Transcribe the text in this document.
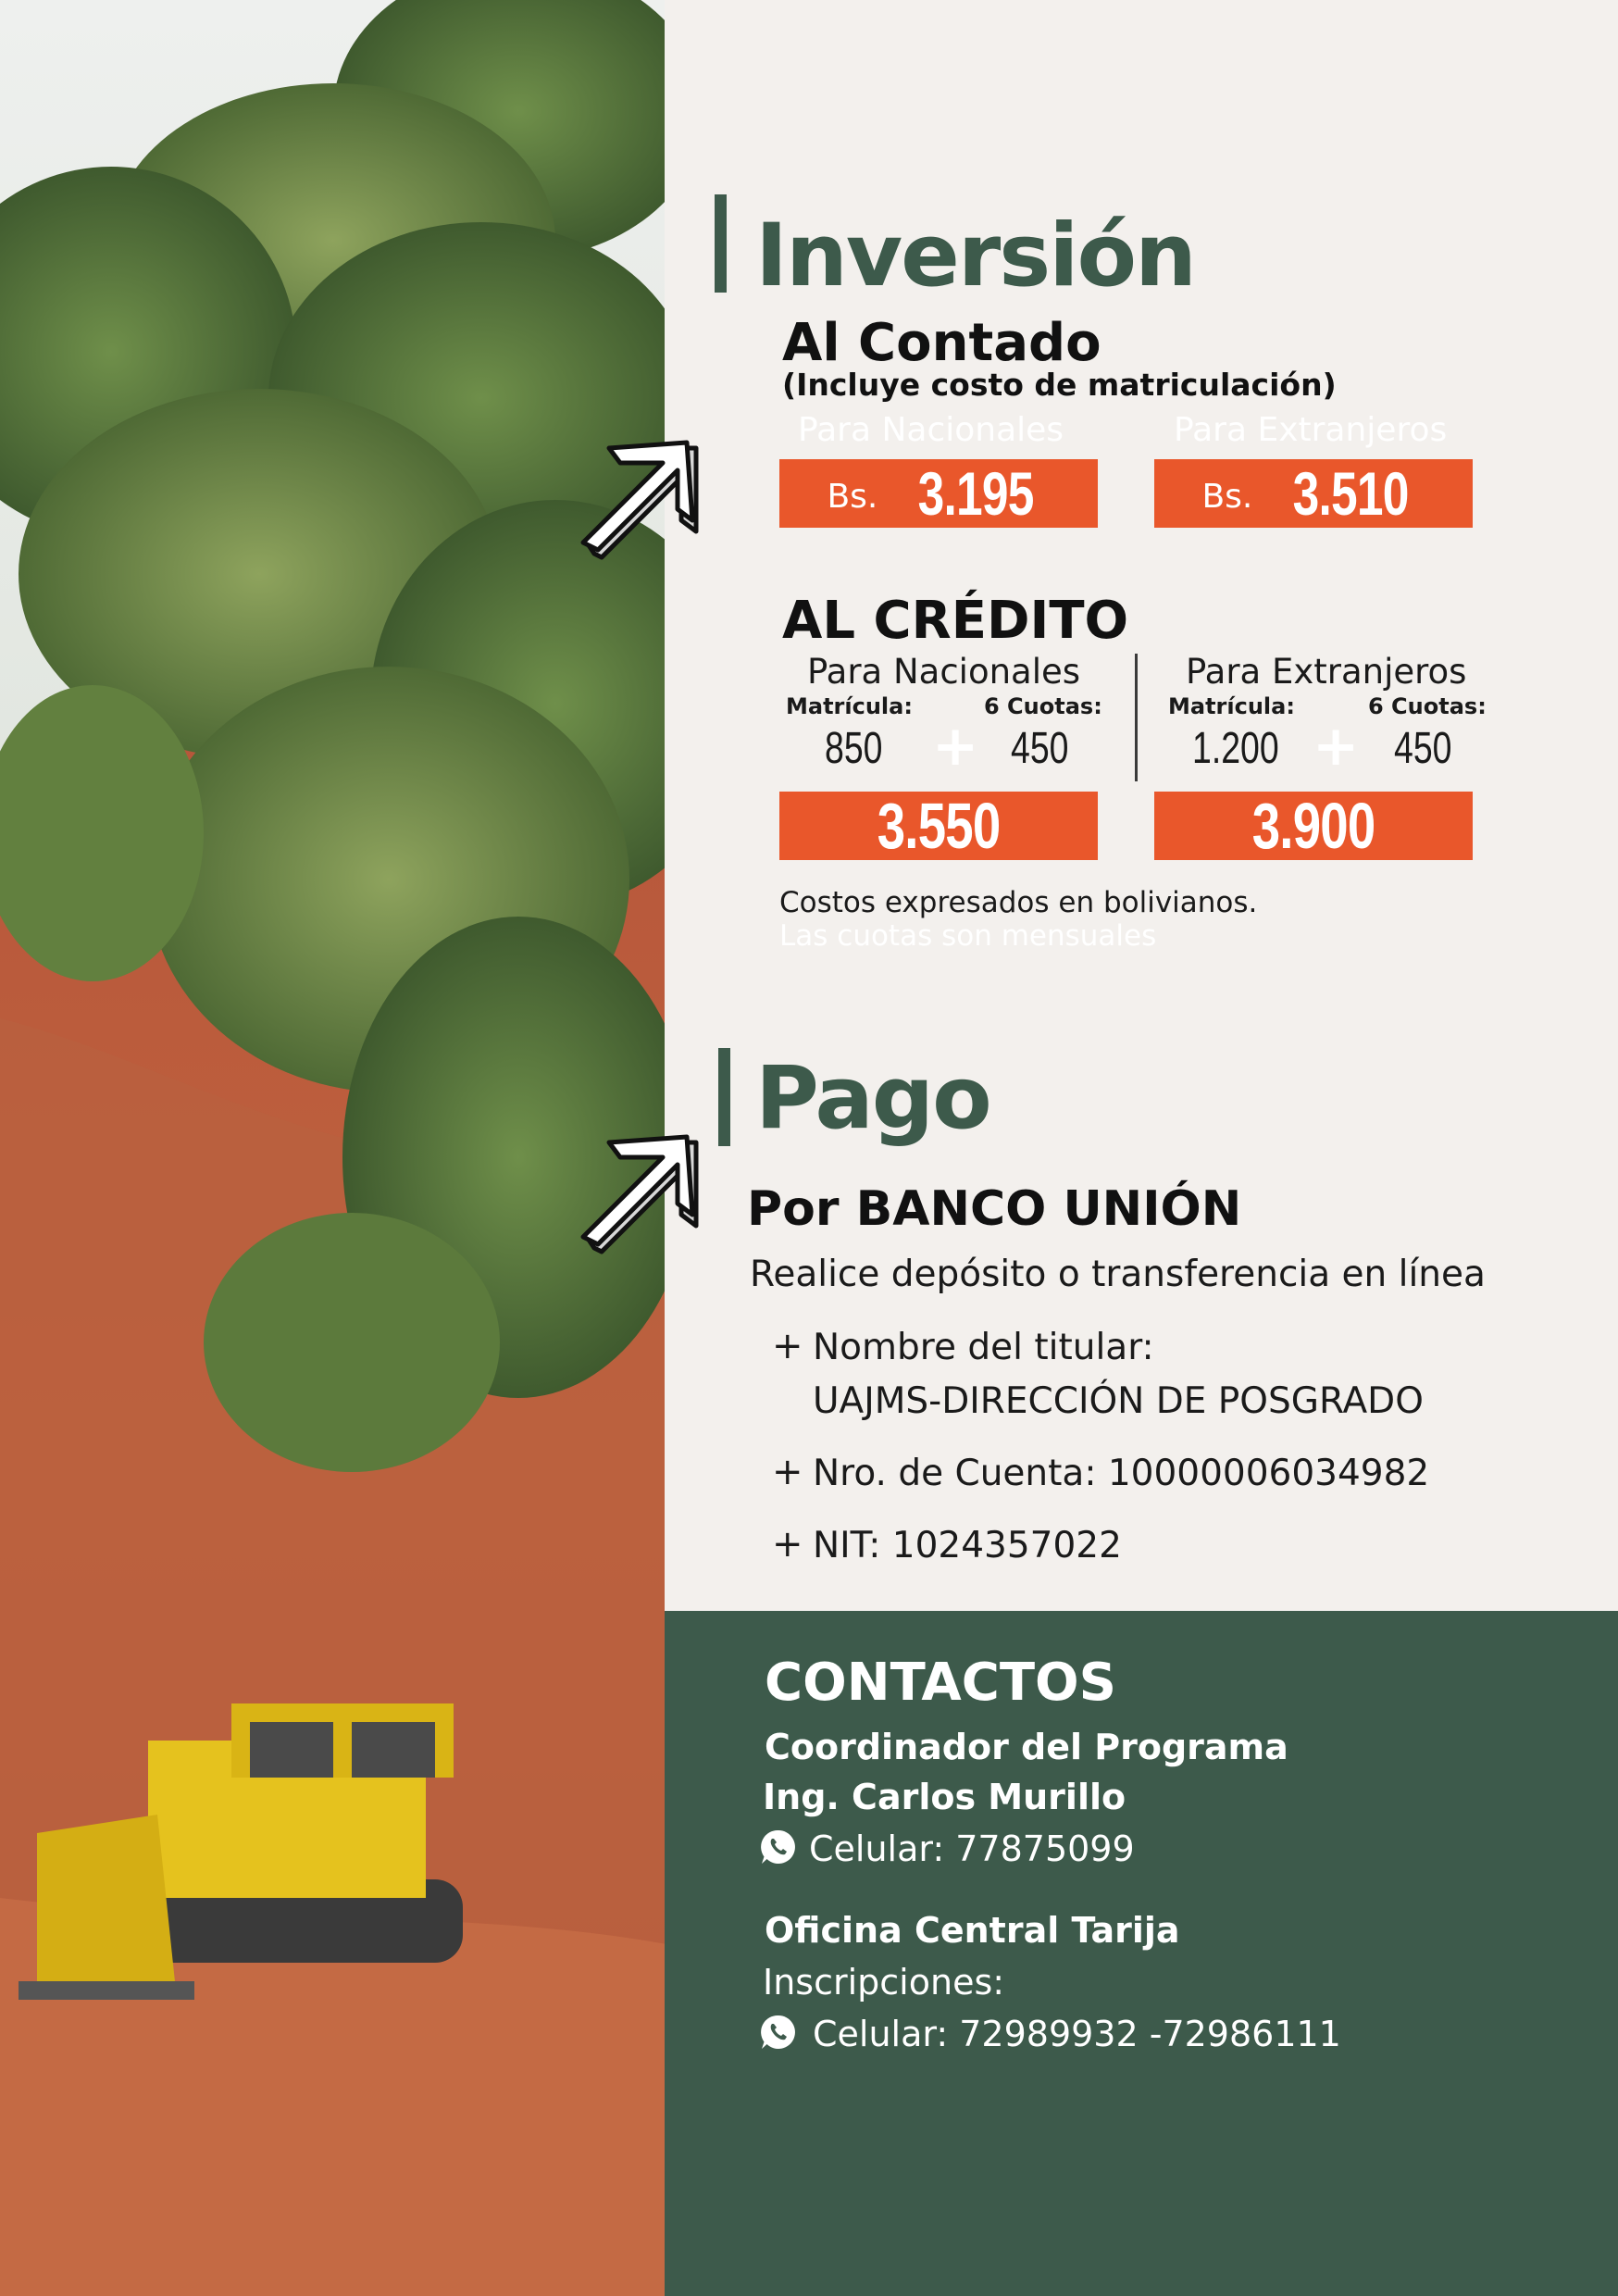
Inversión
Al Contado
(Incluye costo de matriculación)
Para Nacionales	Para Extranjeros
Bs. 3.195	Bs. 3.510
AL CRÉDITO
Para Nacionales	Para Extranjeros
Matrícula:	6 Cuotas:	Matrícula:	6 Cuotas:
850 + 450	1.200 + 450
3.550	3.900
Costos expresados en bolivianos.
Las cuotas son mensuales
Pago
Por BANCO UNIÓN
Realice depósito o transferencia en línea
+ Nombre del titular:
UAJMS-DIRECCIÓN DE POSGRADO
+ Nro. de Cuenta: 10000006034982
+ NIT: 1024357022
CONTACTOS
Coordinador del Programa
Ing. Carlos Murillo
Celular: 77875099
Oficina Central Tarija
Inscripciones:
Celular: 72989932 -72986111
